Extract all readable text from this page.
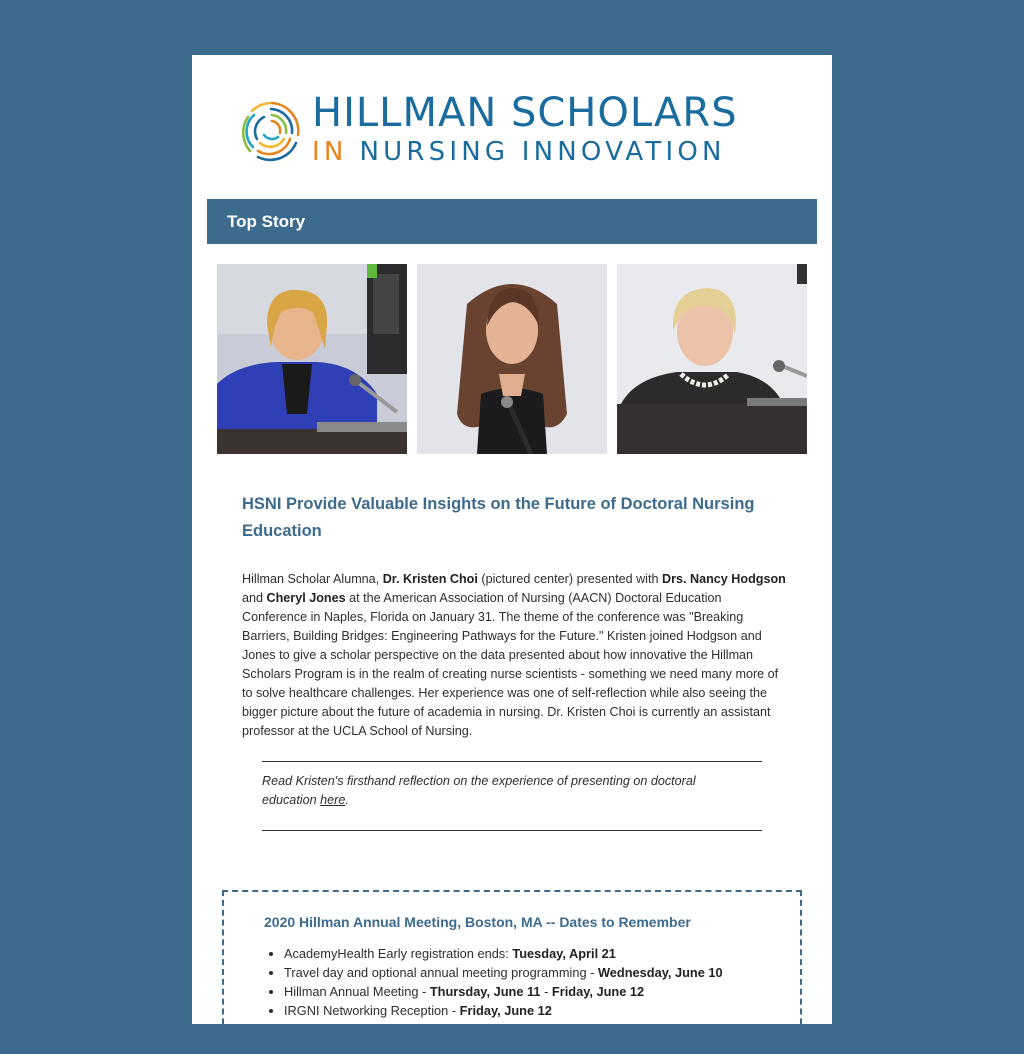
HILLMAN SCHOLARS
IN NURSING INNOVATION
Top Story
HSNI Provide Valuable Insights on the Future of Doctoral Nursing Education
Hillman Scholar Alumna, Dr. Kristen Choi (pictured center) presented with Drs. Nancy Hodgson and Cheryl Jones at the American Association of Nursing (AACN) Doctoral Education Conference in Naples, Florida on January 31. The theme of the conference was "Breaking Barriers, Building Bridges: Engineering Pathways for the Future." Kristen joined Hodgson and Jones to give a scholar perspective on the data presented about how innovative the Hillman Scholars Program is in the realm of creating nurse scientists - something we need many more of to solve healthcare challenges. Her experience was one of self-reflection while also seeing the bigger picture about the future of academia in nursing. Dr. Kristen Choi is currently an assistant professor at the UCLA School of Nursing.
Read Kristen's firsthand reflection on the experience of presenting on doctoral education here.
2020 Hillman Annual Meeting, Boston, MA -- Dates to Remember
• AcademyHealth Early registration ends: Tuesday, April 21
• Travel day and optional annual meeting programming - Wednesday, June 10
• Hillman Annual Meeting - Thursday, June 11 - Friday, June 12
• IRGNI Networking Reception - Friday, June 12
